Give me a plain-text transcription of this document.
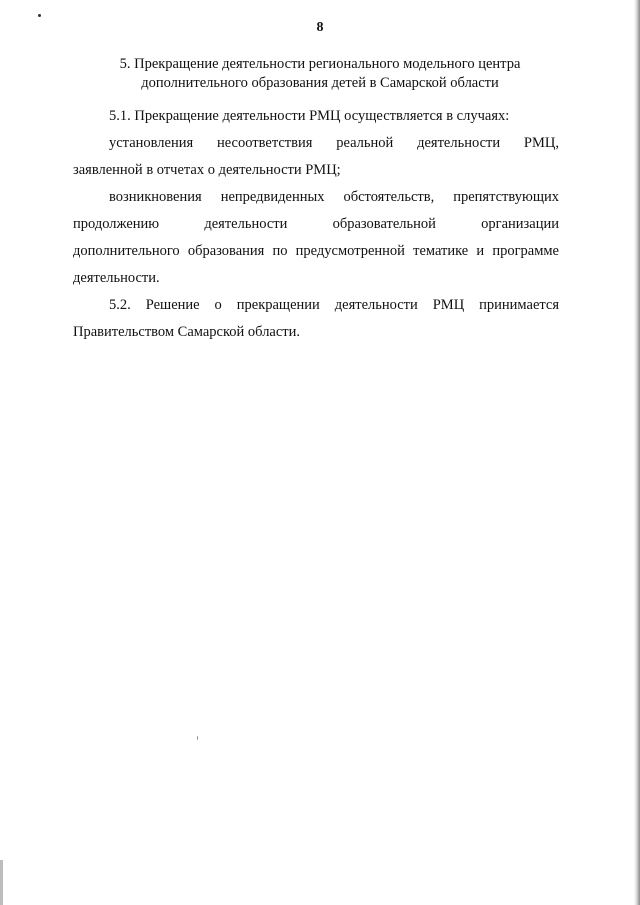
8
5. Прекращение деятельности регионального модельного центра
дополнительного образования детей в Самарской области
5.1. Прекращение деятельности РМЦ осуществляется в случаях:
установления несоответствия реальной деятельности РМЦ,
заявленной в отчетах о деятельности РМЦ;
возникновения непредвиденных обстоятельств, препятствующих
продолжению деятельности образовательной организации
дополнительного образования по предусмотренной тематике и программе
деятельности.
5.2. Решение о прекращении деятельности РМЦ принимается
Правительством Самарской области.
